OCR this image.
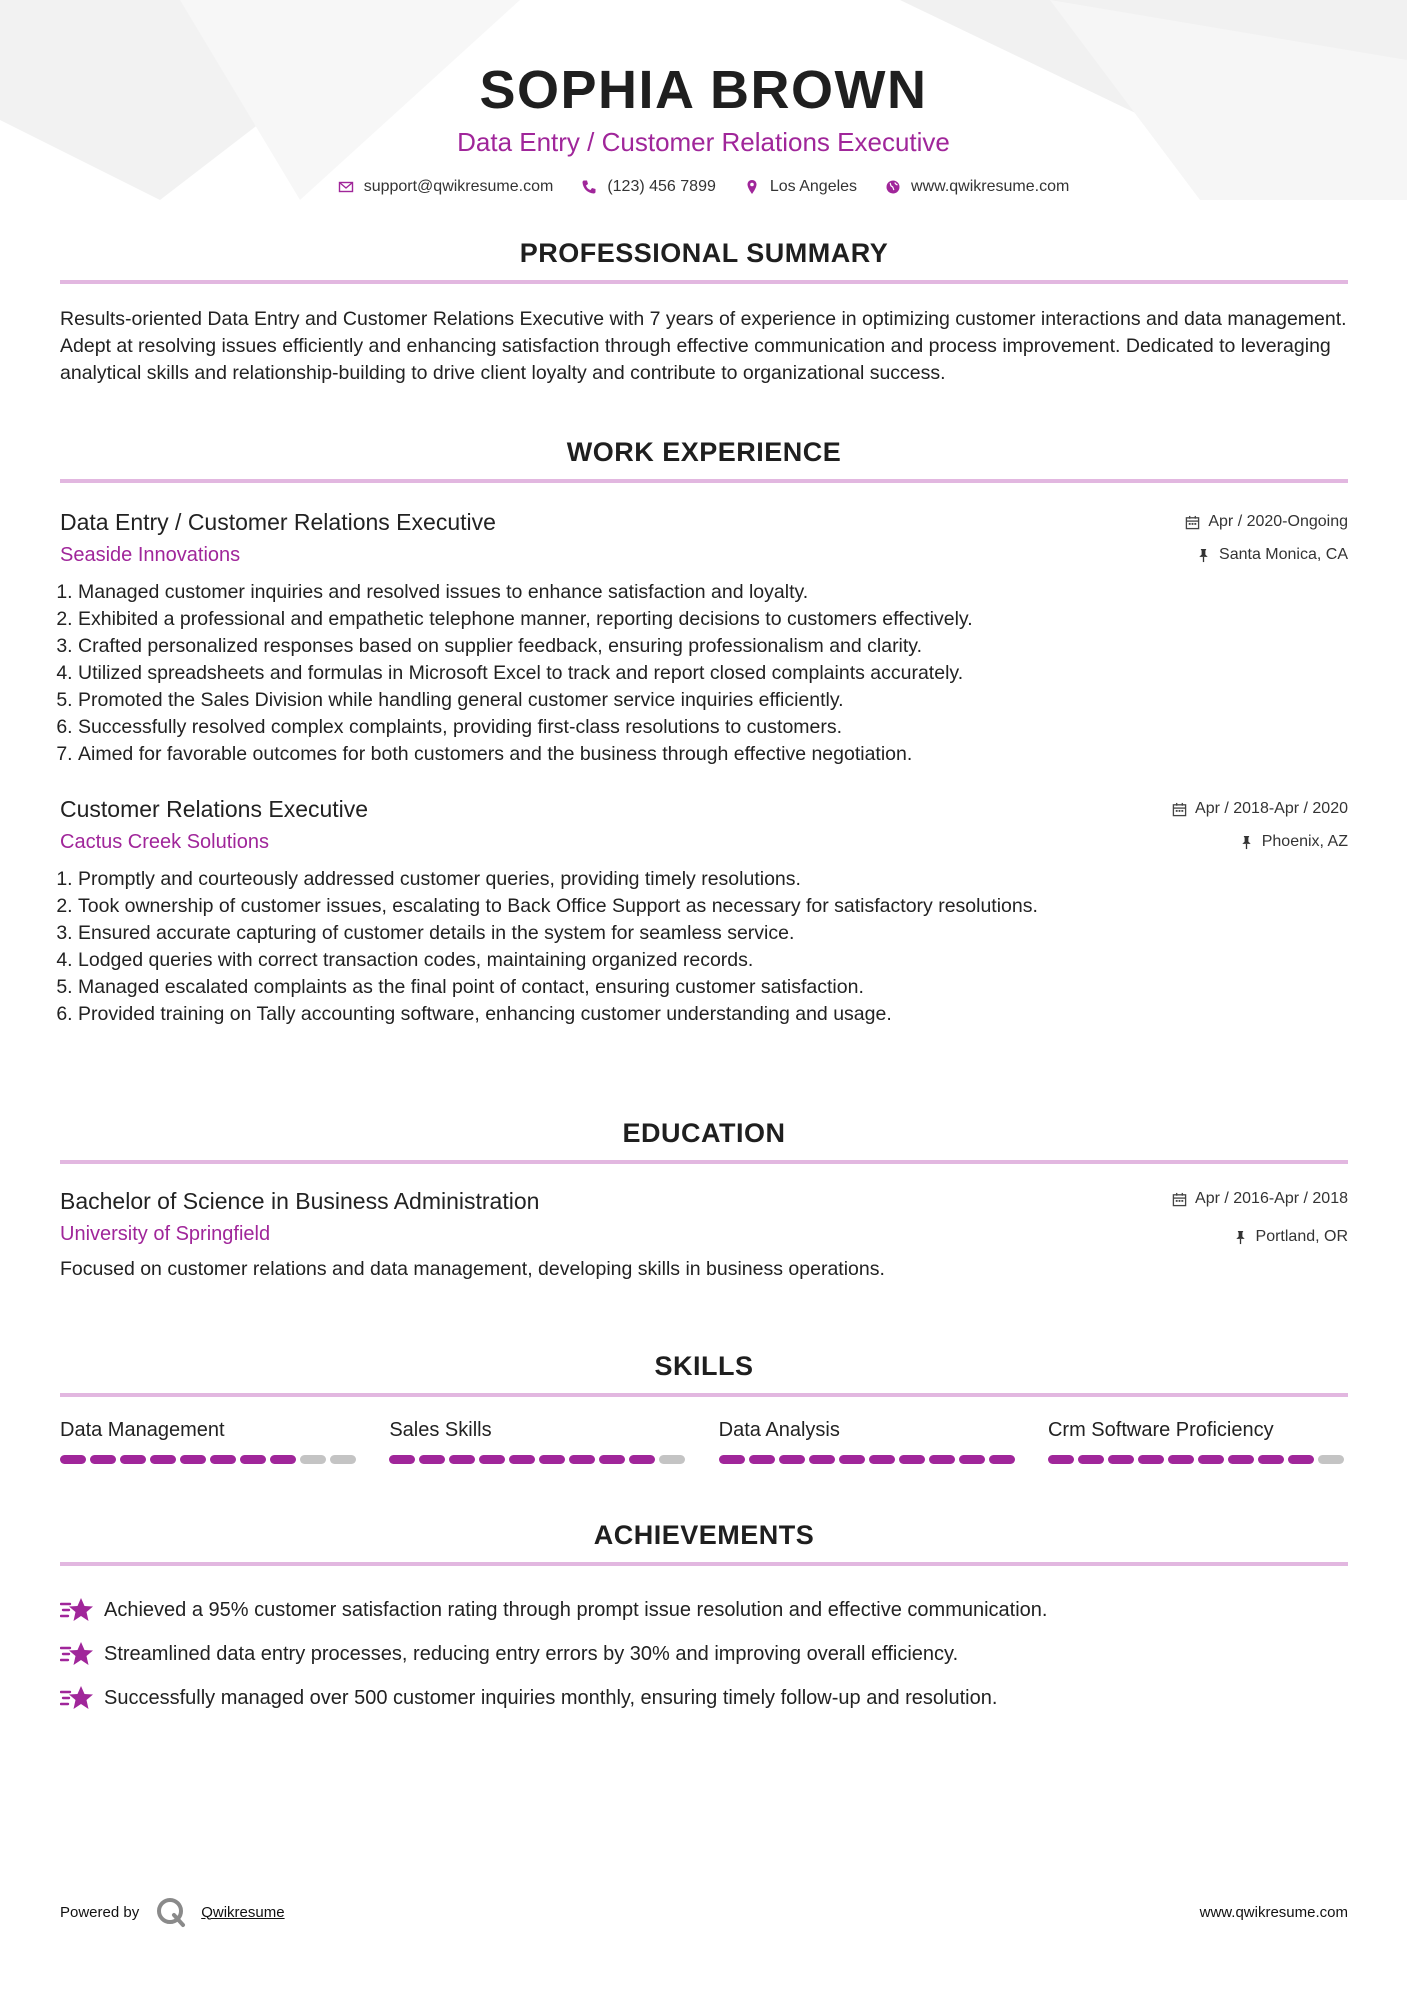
SOPHIA BROWN
Data Entry / Customer Relations Executive
support@qwikresume.com	(123) 456 7899	Los Angeles	www.qwikresume.com
PROFESSIONAL SUMMARY
Results-oriented Data Entry and Customer Relations Executive with 7 years of experience in optimizing customer interactions and data management. Adept at resolving issues efficiently and enhancing satisfaction through effective communication and process improvement. Dedicated to leveraging analytical skills and relationship-building to drive client loyalty and contribute to organizational success.
WORK EXPERIENCE
Data Entry / Customer Relations Executive
Seaside Innovations
Apr / 2020-Ongoing
Santa Monica, CA
1. Managed customer inquiries and resolved issues to enhance satisfaction and loyalty.
2. Exhibited a professional and empathetic telephone manner, reporting decisions to customers effectively.
3. Crafted personalized responses based on supplier feedback, ensuring professionalism and clarity.
4. Utilized spreadsheets and formulas in Microsoft Excel to track and report closed complaints accurately.
5. Promoted the Sales Division while handling general customer service inquiries efficiently.
6. Successfully resolved complex complaints, providing first-class resolutions to customers.
7. Aimed for favorable outcomes for both customers and the business through effective negotiation.
Customer Relations Executive
Cactus Creek Solutions
Apr / 2018-Apr / 2020
Phoenix, AZ
1. Promptly and courteously addressed customer queries, providing timely resolutions.
2. Took ownership of customer issues, escalating to Back Office Support as necessary for satisfactory resolutions.
3. Ensured accurate capturing of customer details in the system for seamless service.
4. Lodged queries with correct transaction codes, maintaining organized records.
5. Managed escalated complaints as the final point of contact, ensuring customer satisfaction.
6. Provided training on Tally accounting software, enhancing customer understanding and usage.
EDUCATION
Bachelor of Science in Business Administration
University of Springfield
Apr / 2016-Apr / 2018
Portland, OR
Focused on customer relations and data management, developing skills in business operations.
SKILLS
Data Management	Sales Skills	Data Analysis	Crm Software Proficiency
ACHIEVEMENTS
Achieved a 95% customer satisfaction rating through prompt issue resolution and effective communication.
Streamlined data entry processes, reducing entry errors by 30% and improving overall efficiency.
Successfully managed over 500 customer inquiries monthly, ensuring timely follow-up and resolution.
Powered by	Qwikresume	www.qwikresume.com
